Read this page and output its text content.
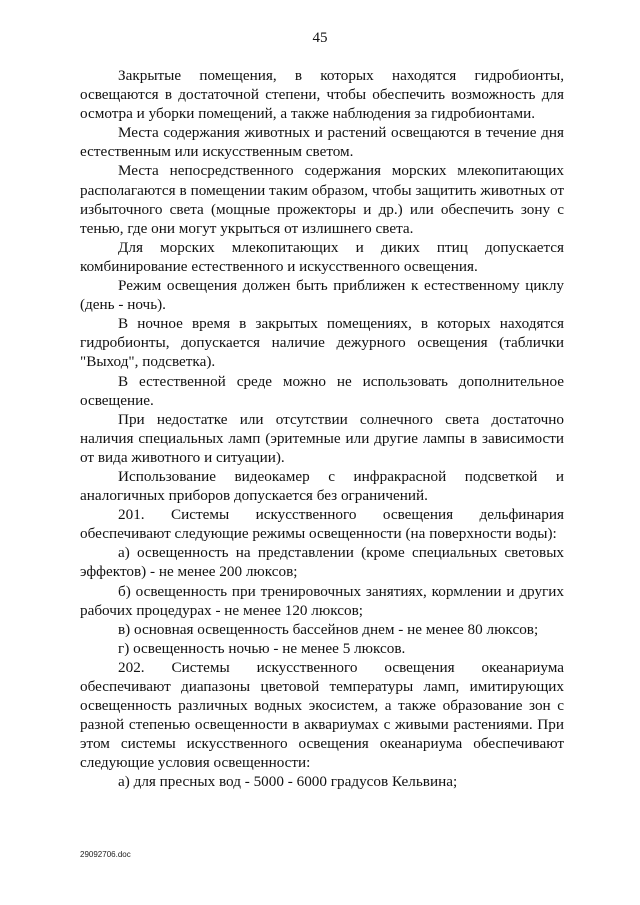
45

Закрытые помещения, в которых находятся гидробионты, освещаются в достаточной степени, чтобы обеспечить возможность для осмотра и уборки помещений, а также наблюдения за гидробионтами.

Места содержания животных и растений освещаются в течение дня естественным или искусственным светом.

Места непосредственного содержания морских млекопитающих располагаются в помещении таким образом, чтобы защитить животных от избыточного света (мощные прожекторы и др.) или обеспечить зону с тенью, где они могут укрыться от излишнего света.

Для морских млекопитающих и диких птиц допускается комбинирование естественного и искусственного освещения.

Режим освещения должен быть приближен к естественному циклу (день - ночь).

В ночное время в закрытых помещениях, в которых находятся гидробионты, допускается наличие дежурного освещения (таблички "Выход", подсветка).

В естественной среде можно не использовать дополнительное освещение.

При недостатке или отсутствии солнечного света достаточно наличия специальных ламп (эритемные или другие лампы в зависимости от вида животного и ситуации).

Использование видеокамер с инфракрасной подсветкой и аналогичных приборов допускается без ограничений.

201. Системы искусственного освещения дельфинария обеспечивают следующие режимы освещенности (на поверхности воды):

а) освещенность на представлении (кроме специальных световых эффектов) - не менее 200 люксов;

б) освещенность при тренировочных занятиях, кормлении и других рабочих процедурах - не менее 120 люксов;

в) основная освещенность бассейнов днем - не менее 80 люксов;

г) освещенность ночью - не менее 5 люксов.

202. Системы искусственного освещения океанариума обеспечивают диапазоны цветовой температуры ламп, имитирующих освещенность различных водных экосистем, а также образование зон с разной степенью освещенности в аквариумах с живыми растениями. При этом системы искусственного освещения океанариума обеспечивают следующие условия освещенности:

а) для пресных вод - 5000 - 6000 градусов Кельвина;

29092706.doc
